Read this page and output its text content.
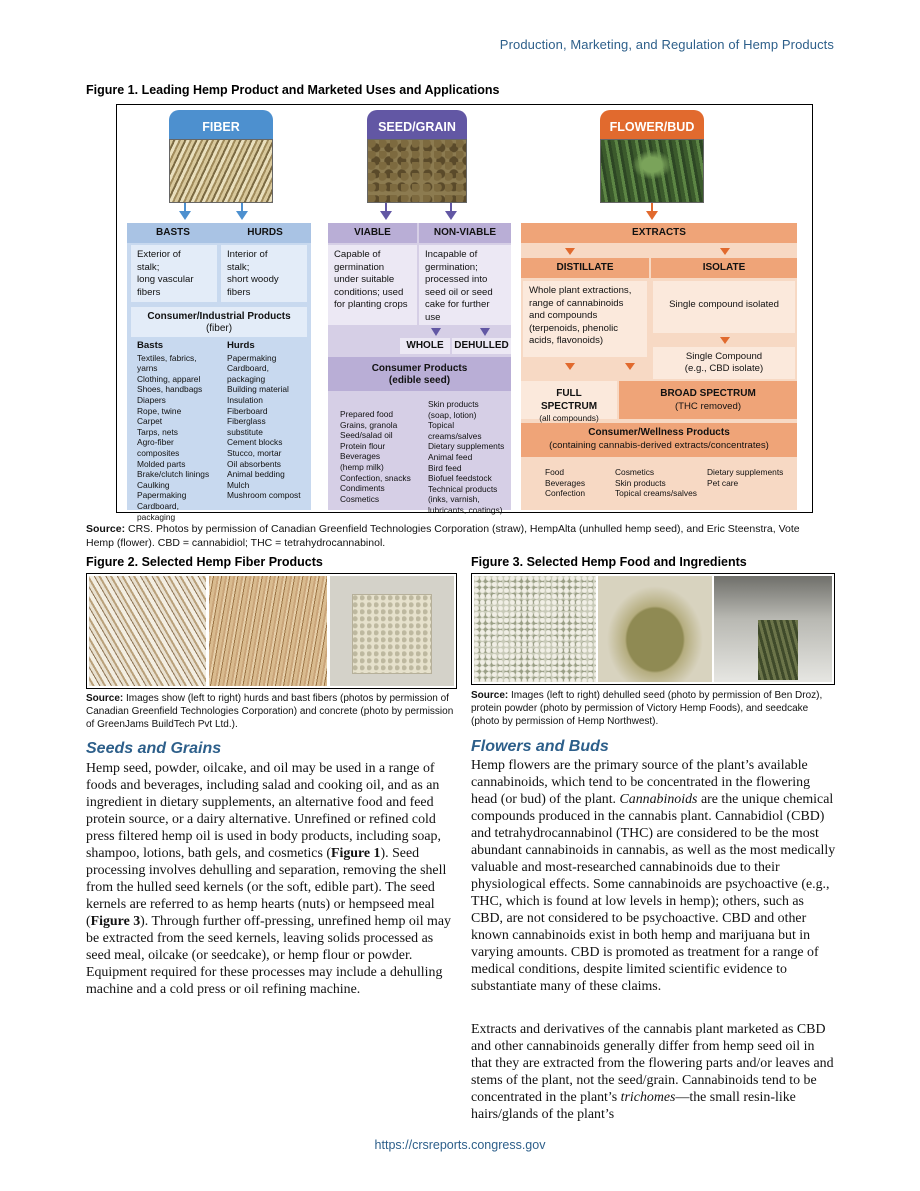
Production, Marketing, and Regulation of Hemp Products
Figure 1. Leading Hemp Product and Marketed Uses and Applications
FIBER	SEED/GRAIN	FLOWER/BUD
BASTS	HURDS
Exterior of
stalk;
long vascular
fibers
Interior of
stalk;
short woody
fibers
Consumer/Industrial Products
(fiber)
Basts
Textiles, fabrics, yarns
Clothing, apparel
Shoes, handbags
Diapers
Rope, twine
Carpet
Tarps, nets
Agro-fiber composites
Molded parts
Brake/clutch linings
Caulking
Papermaking
Cardboard, packaging
Hurds
Papermaking
Cardboard, packaging
Building material
Insulation
Fiberboard
Fiberglass substitute
Cement blocks
Stucco, mortar
Oil absorbents
Animal bedding
Mulch
Mushroom compost
VIABLE	NON-VIABLE
Capable of
germination
under suitable
conditions; used
for planting crops
Incapable of
germination;
processed into
seed oil or seed
cake for further
use
WHOLE	DEHULLED
Consumer Products
(edible seed)
Prepared food
Grains, granola
Seed/salad oil
Protein flour
Beverages
(hemp milk)
Confection, snacks
Condiments
Cosmetics
Skin products
(soap, lotion)
Topical creams/salves
Dietary supplements
Animal feed
Bird feed
Biofuel feedstock
Technical products
(inks, varnish,
lubricants, coatings)
EXTRACTS
DISTILLATE	ISOLATE
Whole plant extractions,
range of cannabinoids
and compounds
(terpenoids, phenolic
acids, flavonoids)
Single compound isolated
Single Compound
(e.g., CBD isolate)
FULL SPECTRUM
(all compounds)
BROAD SPECTRUM
(THC removed)
Consumer/Wellness Products
(containing cannabis-derived extracts/concentrates)
Food
Beverages
Confection
Cosmetics
Skin products
Topical creams/salves
Dietary supplements
Pet care
Source: CRS. Photos by permission of Canadian Greenfield Technologies Corporation (straw), HempAlta (unhulled hemp seed), and Eric Steenstra, Vote Hemp (flower). CBD = cannabidiol; THC = tetrahydrocannabinol.
Figure 2. Selected Hemp Fiber Products
Source: Images show (left to right) hurds and bast fibers (photos by permission of Canadian Greenfield Technologies Corporation) and concrete (photo by permission of GreenJams BuildTech Pvt Ltd.).
Figure 3. Selected Hemp Food and Ingredients
Source: Images (left to right) dehulled seed (photo by permission of Ben Droz), protein powder (photo by permission of Victory Hemp Foods), and seedcake (photo by permission of Hemp Northwest).
Seeds and Grains
Hemp seed, powder, oilcake, and oil may be used in a range of foods and beverages, including salad and cooking oil, and as an ingredient in dietary supplements, an alternative food and feed protein source, or a dairy alternative. Unrefined or refined cold press filtered hemp oil is used in body products, including soap, shampoo, lotions, bath gels, and cosmetics (Figure 1). Seed processing involves dehulling and separation, removing the shell from the hulled seed kernels (or the soft, edible part). The seed kernels are referred to as hemp hearts (nuts) or hempseed meal (Figure 3). Through further off-pressing, unrefined hemp oil may be extracted from the seed kernels, leaving solids processed as seed meal, oilcake (or seedcake), or hemp flour or powder. Equipment required for these processes may include a dehulling machine and a cold press or oil refining machine.
Flowers and Buds
Hemp flowers are the primary source of the plant’s available cannabinoids, which tend to be concentrated in the flowering head (or bud) of the plant. Cannabinoids are the unique chemical compounds produced in the cannabis plant. Cannabidiol (CBD) and tetrahydrocannabinol (THC) are considered to be the most abundant cannabinoids in cannabis, as well as the most medically valuable and most-researched cannabinoids due to their physiological effects. Some cannabinoids are psychoactive (e.g., THC, which is found at low levels in hemp); others, such as CBD, are not considered to be psychoactive. CBD and other known cannabinoids exist in both hemp and marijuana but in varying amounts. CBD is promoted as treatment for a range of medical conditions, despite limited scientific evidence to substantiate many of these claims.
Extracts and derivatives of the cannabis plant marketed as CBD and other cannabinoids generally differ from hemp seed oil in that they are extracted from the flowering parts and/or leaves and stems of the plant, not the seed/grain. Cannabinoids tend to be concentrated in the plant’s trichomes—the small resin-like hairs/glands of the plant’s
https://crsreports.congress.gov
